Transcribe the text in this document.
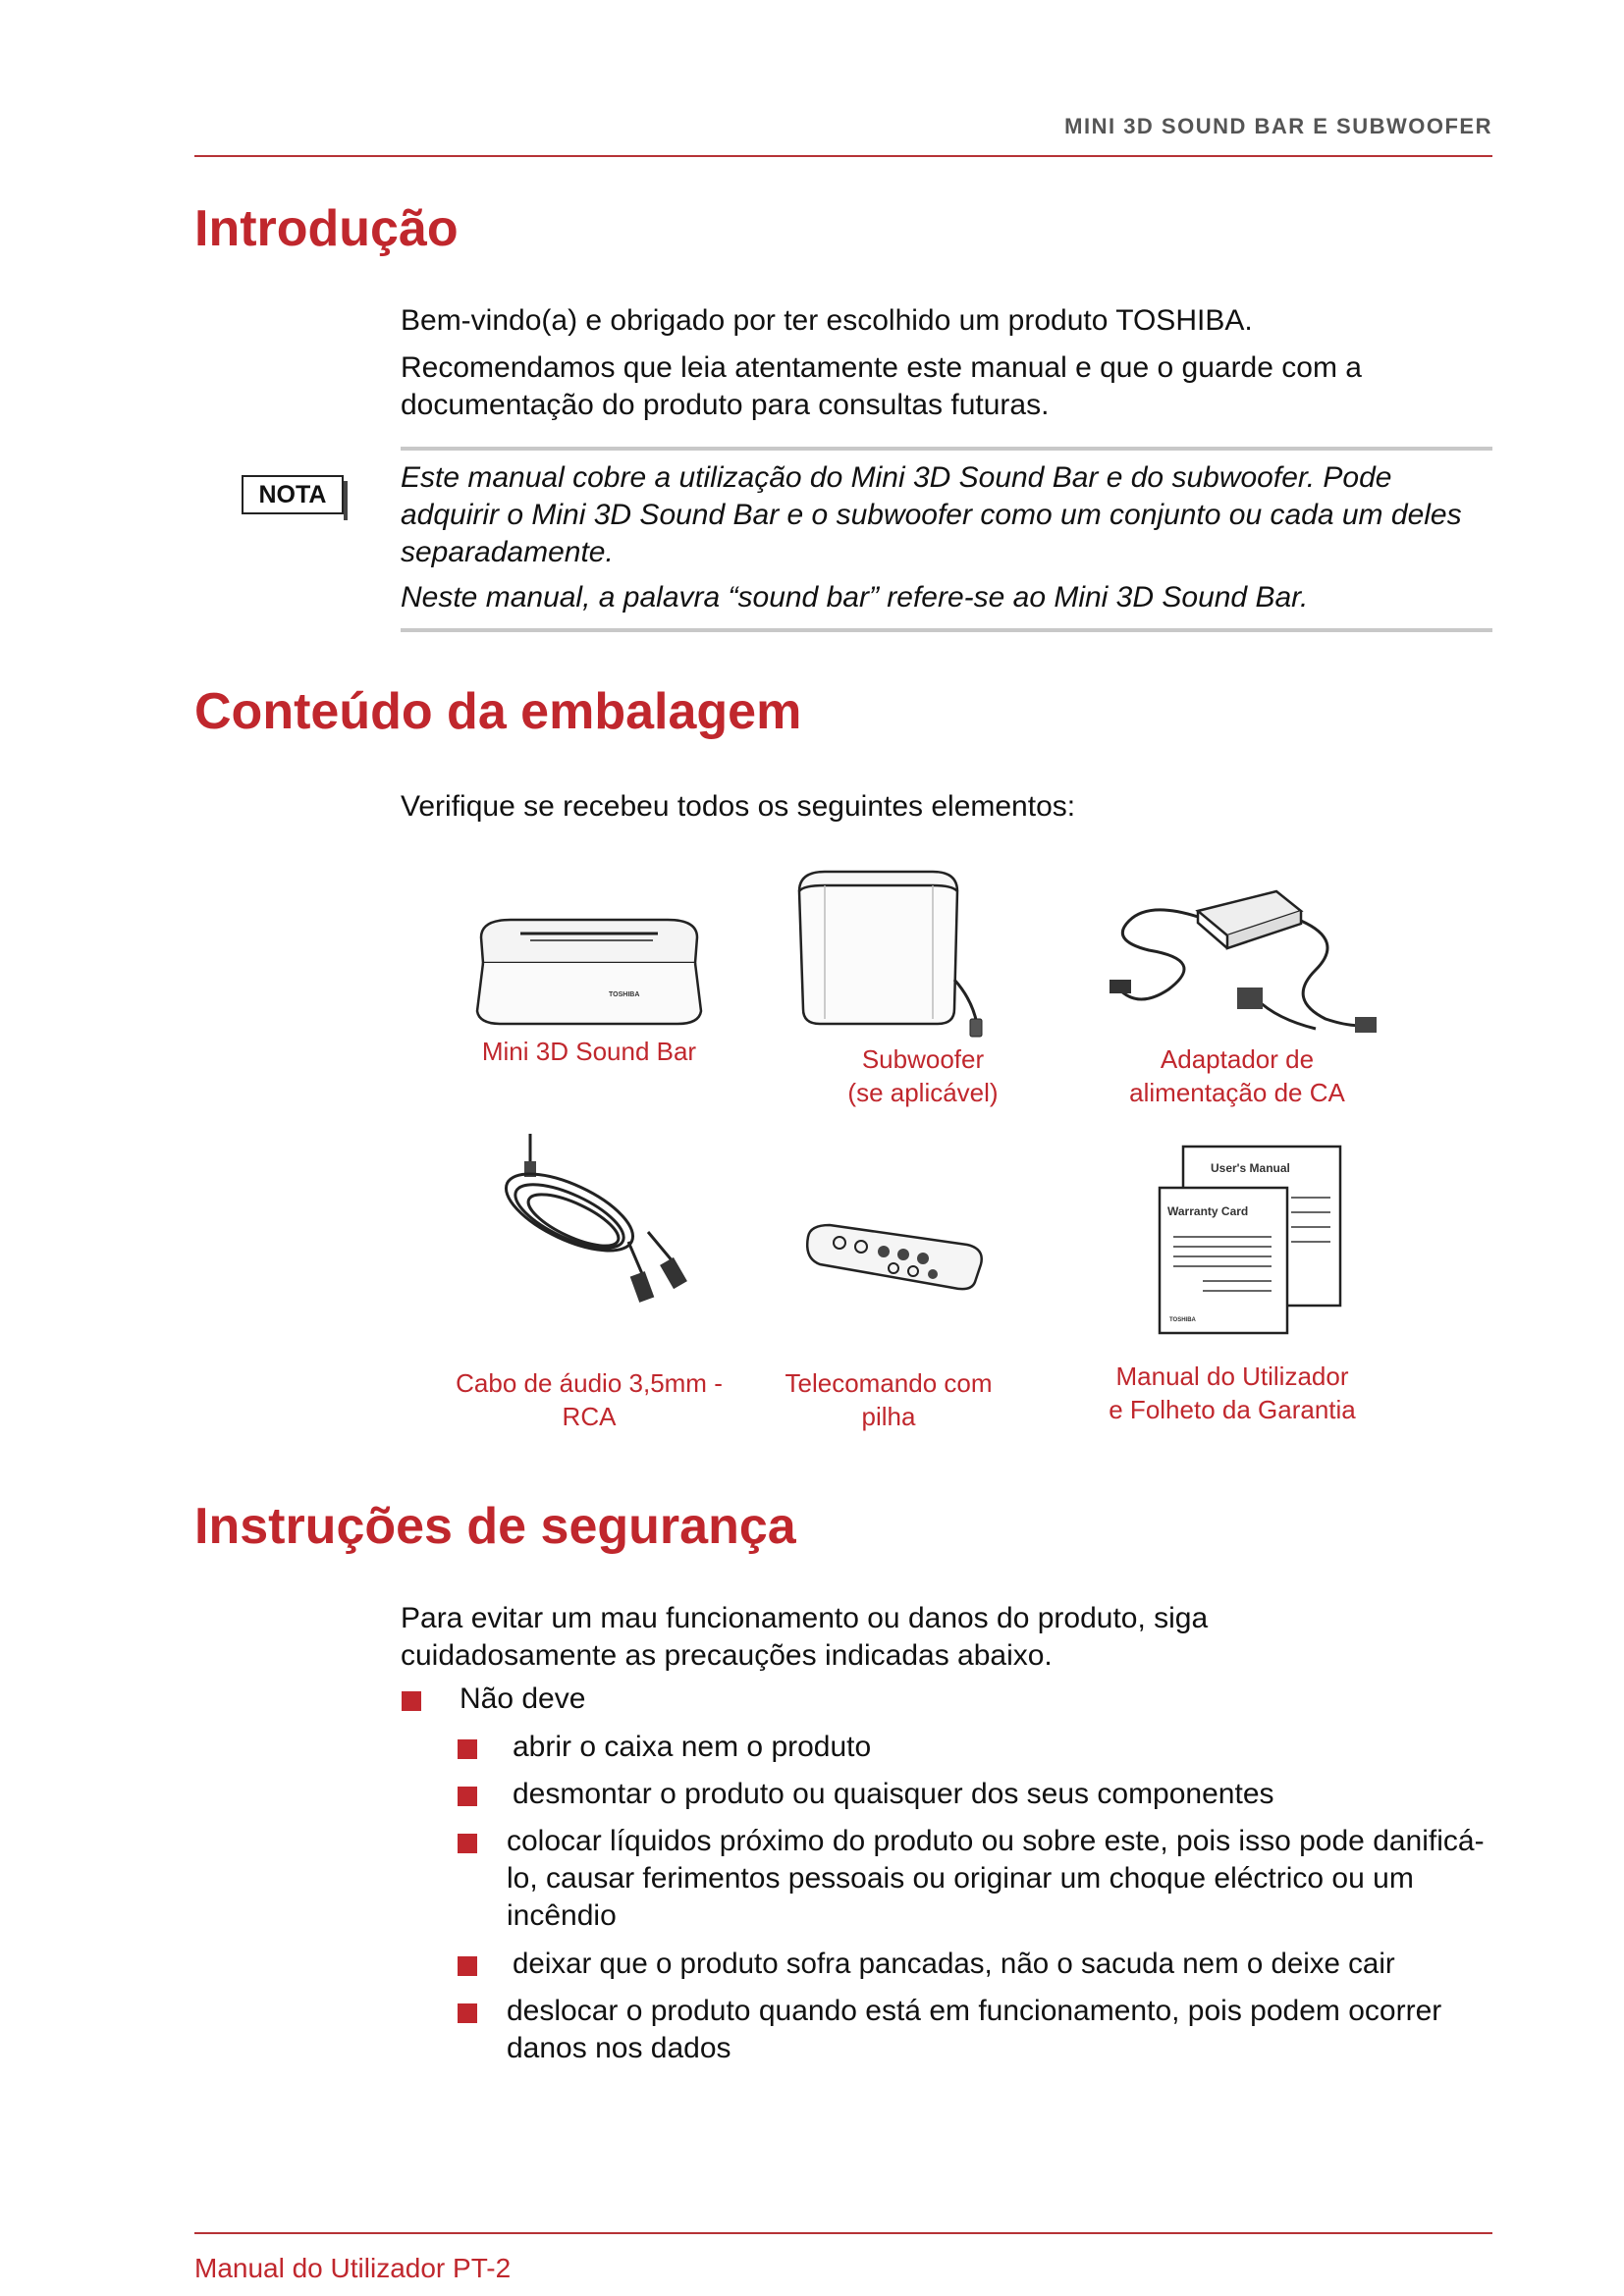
MINI 3D SOUND BAR E SUBWOOFER
Introdução
Bem-vindo(a) e obrigado por ter escolhido um produto TOSHIBA.
Recomendamos que leia atentamente este manual e que o guarde com a documentação do produto para consultas futuras.
NOTA
Este manual cobre a utilização do Mini 3D Sound Bar e do subwoofer. Pode adquirir o Mini 3D Sound Bar e o subwoofer como um conjunto ou cada um deles separadamente.
Neste manual, a palavra “sound bar” refere-se ao Mini 3D Sound Bar.
Conteúdo da embalagem
Verifique se recebeu todos os seguintes elementos:
TOSHIBA
Mini 3D Sound Bar	Subwoofer
(se aplicável)
Adaptador de
alimentação de CA
Cabo de áudio 3,5mm -
RCA
Telecomando com
pilha
User's Manual
Warranty Card
TOSHIBA
Manual do Utilizador
e Folheto da Garantia
Instruções de segurança
Para evitar um mau funcionamento ou danos do produto, siga cuidadosamente as precauções indicadas abaixo.
Não deve
abrir o caixa nem o produto
desmontar o produto ou quaisquer dos seus componentes
colocar líquidos próximo do produto ou sobre este, pois isso pode danificá-lo, causar ferimentos pessoais ou originar um choque eléctrico ou um incêndio
deixar que o produto sofra pancadas, não o sacuda nem o deixe cair
deslocar o produto quando está em funcionamento, pois podem ocorrer danos nos dados
Manual do Utilizador PT-2
